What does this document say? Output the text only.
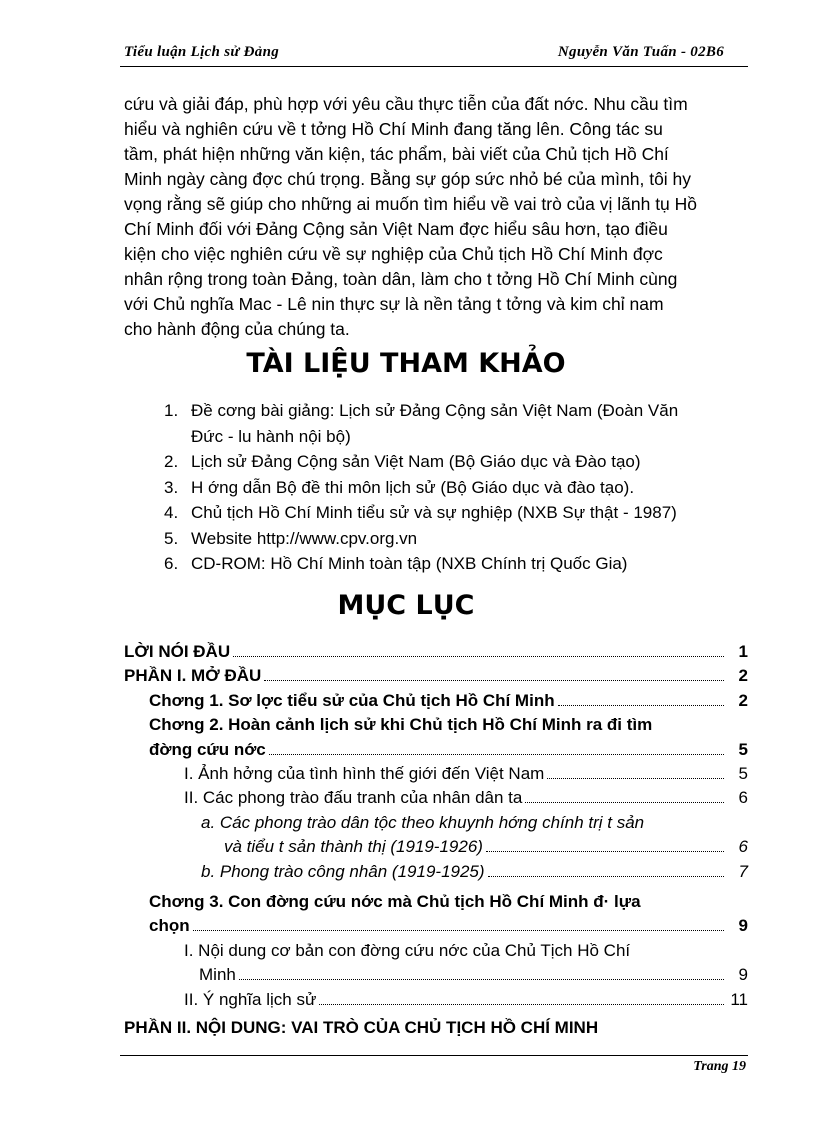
Tiểu luận Lịch sử Đảng	Nguyễn Văn Tuấn - 02B6
cứu và giải đáp, phù hợp với yêu cầu thực tiễn của đất nớc. Nhu cầu tìm
hiểu và nghiên cứu về t tởng Hồ Chí Minh đang tăng lên. Công tác su
tầm, phát hiện những văn kiện, tác phẩm, bài viết của Chủ tịch Hồ Chí
Minh ngày càng đợc chú trọng. Bằng sự góp sức nhỏ bé của mình, tôi hy
vọng rằng sẽ giúp cho những ai muốn tìm hiểu về vai trò của vị lãnh tụ Hồ
Chí Minh đối với Đảng Cộng sản Việt Nam đợc hiểu sâu hơn, tạo điều
kiện cho việc nghiên cứu về sự nghiệp của Chủ tịch Hồ Chí Minh đợc
nhân rộng trong toàn Đảng, toàn dân, làm cho t tởng Hồ Chí Minh cùng
với Chủ nghĩa Mac - Lê nin thực sự là nền tảng t tởng và kim chỉ nam
cho hành động của chúng ta.
TÀI LIỆU THAM KHẢO
1. Đề cơng bài giảng: Lịch sử Đảng Cộng sản Việt Nam (Đoàn Văn
Đức - lu hành nội bộ)
2. Lịch sử Đảng Cộng sản Việt Nam (Bộ Giáo dục và Đào tạo)
3. H ớng dẫn Bộ đề thi môn lịch sử (Bộ Giáo dục và đào tạo).
4. Chủ tịch Hồ Chí Minh tiểu sử và sự nghiệp (NXB Sự thật - 1987)
5. Website http://www.cpv.org.vn
6. CD-ROM: Hồ Chí Minh toàn tập (NXB Chính trị Quốc Gia)
MỤC LỤC
LỜI NÓI ĐẦU	1
PHẦN I. MỞ ĐẦU	2
Chơng 1. Sơ lợc tiểu sử của Chủ tịch Hồ Chí Minh	2
Chơng 2. Hoàn cảnh lịch sử khi Chủ tịch Hồ Chí Minh ra đi tìm
đờng cứu nớc	5
I. Ảnh hởng của tình hình thế giới đến Việt Nam	5
II. Các phong trào đấu tranh của nhân dân ta	6
a. Các phong trào dân tộc theo khuynh hớng chính trị t sản
và tiểu t sản thành thị (1919-1926)	6
b. Phong trào công nhân (1919-1925)	7
Chơng 3. Con đờng cứu nớc mà Chủ tịch Hồ Chí Minh đ· lựa
chọn	9
I. Nội dung cơ bản con đờng cứu nớc của Chủ Tịch Hồ Chí
Minh	9
II. Ý nghĩa lịch sử	11
PHẦN II. NỘI DUNG: VAI TRÒ CỦA CHỦ TỊCH HỒ CHÍ MINH
Trang 19
